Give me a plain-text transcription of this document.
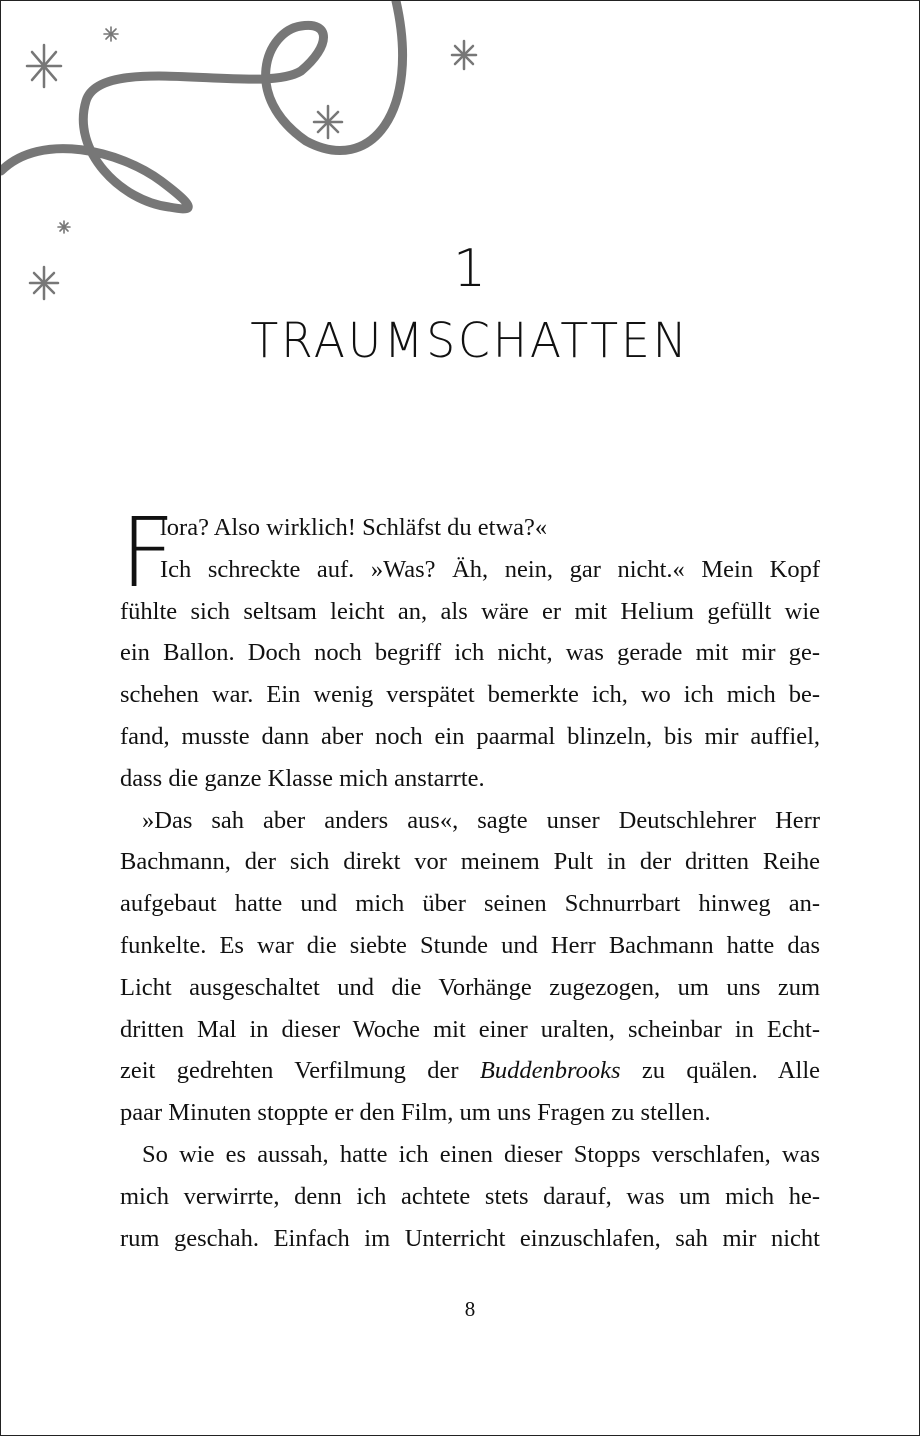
1
TRAUMSCHATTEN
F
lora? Also wirklich! Schläfst du etwa?«
Ich schreckte auf. »Was? Äh, nein, gar nicht.« Mein Kopf
fühlte sich seltsam leicht an, als wäre er mit Helium gefüllt wie
ein Ballon. Doch noch begriff ich nicht, was gerade mit mir ge-
schehen war. Ein wenig verspätet bemerkte ich, wo ich mich be-
fand, musste dann aber noch ein paarmal blinzeln, bis mir auffiel,
dass die ganze Klasse mich anstarrte.
»Das sah aber anders aus«, sagte unser Deutschlehrer Herr
Bachmann, der sich direkt vor meinem Pult in der dritten Reihe
aufgebaut hatte und mich über seinen Schnurrbart hinweg an-
funkelte. Es war die siebte Stunde und Herr Bachmann hatte das
Licht ausgeschaltet und die Vorhänge zugezogen, um uns zum
dritten Mal in dieser Woche mit einer uralten, scheinbar in Echt-
zeit gedrehten Verfilmung der Buddenbrooks zu quälen. Alle
paar Minuten stoppte er den Film, um uns Fragen zu stellen.
So wie es aussah, hatte ich einen dieser Stopps verschlafen, was
mich verwirrte, denn ich achtete stets darauf, was um mich he-
rum geschah. Einfach im Unterricht einzuschlafen, sah mir nicht
8
